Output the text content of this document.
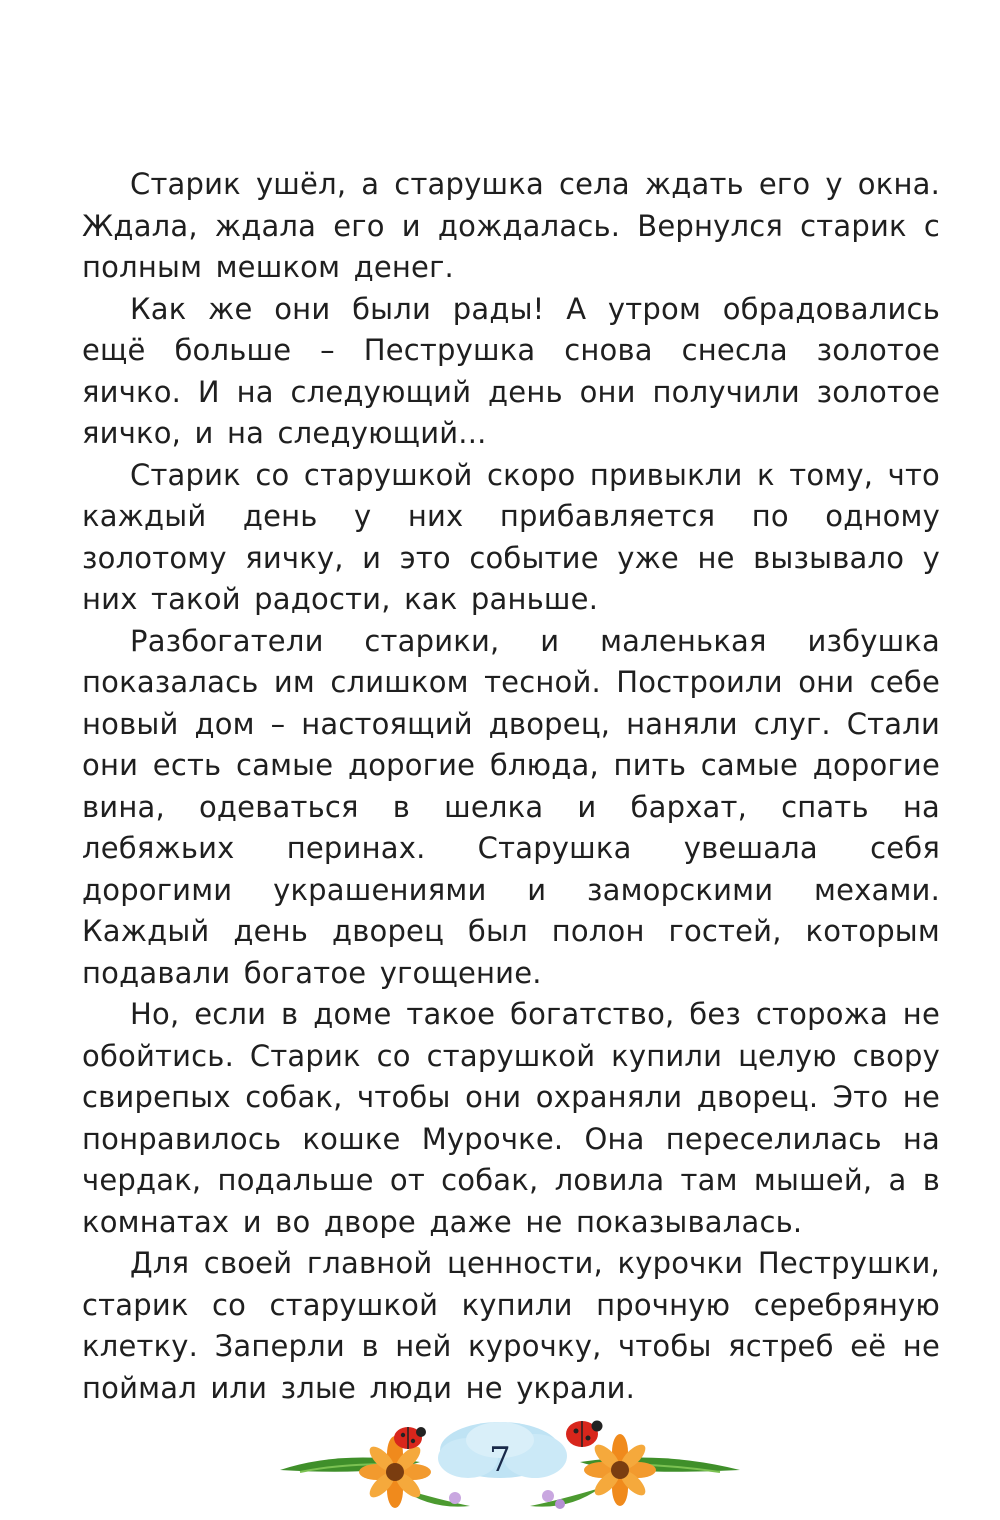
Старик ушёл, а старушка села ждать его у окна. Ждала, ждала его и дождалась. Вернулся старик с полным мешком денег.

Как же они были рады! А утром обрадовались ещё больше – Пеструшка снова снесла золотое яичко. И на следующий день они получили золотое яичко, и на следующий...

Старик со старушкой скоро привыкли к тому, что каждый день у них прибавляется по одному золотому яичку, и это событие уже не вызывало у них такой радости, как раньше.

Разбогатели старики, и маленькая избушка показалась им слишком тесной. Построили они себе новый дом – настоящий дворец, наняли слуг. Стали они есть самые дорогие блюда, пить самые дорогие вина, одеваться в шелка и бархат, спать на лебяжьих перинах. Старушка увешала себя дорогими украшениями и заморскими мехами. Каждый день дворец был полон гостей, которым подавали богатое угощение.

Но, если в доме такое богатство, без сторожа не обойтись. Старик со старушкой купили целую свору свирепых собак, чтобы они охраняли дворец. Это не понравилось кошке Мурочке. Она переселилась на чердак, подальше от собак, ловила там мышей, а в комнатах и во дворе даже не показывалась.

Для своей главной ценности, курочки Пеструшки, старик со старушкой купили прочную серебряную клетку. Заперли в ней курочку, чтобы ястреб её не поймал или злые люди не украли.

7
